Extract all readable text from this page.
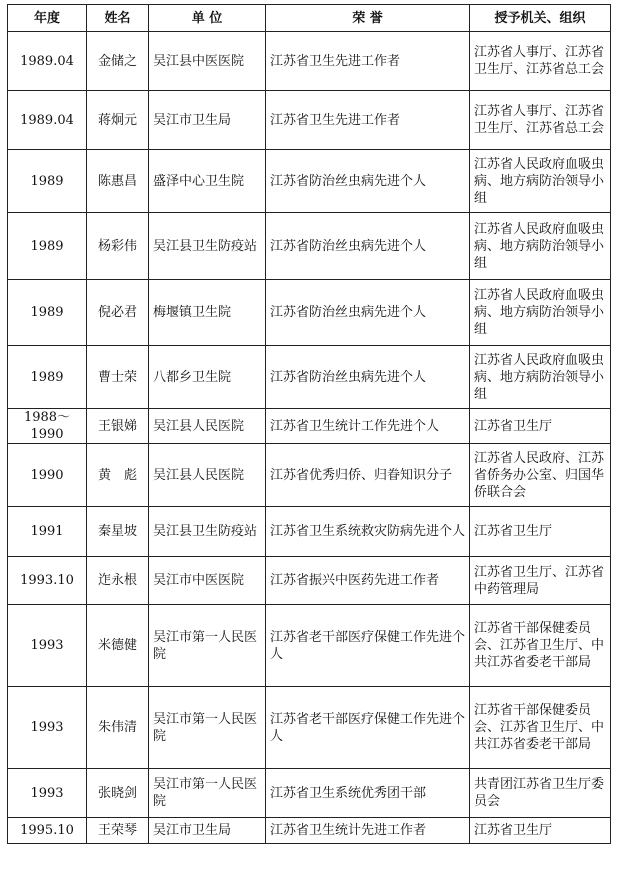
年度	姓名	单 位	荣 誉	授予机关、组织
1989.04	金储之	吴江县中医医院	江苏省卫生先进工作者	江苏省人事厅、江苏省卫生厅、江苏省总工会
1989.04	蒋炯元	吴江市卫生局	江苏省卫生先进工作者	江苏省人事厅、江苏省卫生厅、江苏省总工会
1989	陈惠昌	盛泽中心卫生院	江苏省防治丝虫病先进个人	江苏省人民政府血吸虫病、地方病防治领导小组
1989	杨彩伟	吴江县卫生防疫站	江苏省防治丝虫病先进个人	江苏省人民政府血吸虫病、地方病防治领导小组
1989	倪必君	梅堰镇卫生院	江苏省防治丝虫病先进个人	江苏省人民政府血吸虫病、地方病防治领导小组
1989	曹士荣	八都乡卫生院	江苏省防治丝虫病先进个人	江苏省人民政府血吸虫病、地方病防治领导小组
1988～1990	王银娣	吴江县人民医院	江苏省卫生统计工作先进个人	江苏省卫生厅
1990	黄　彪	吴江县人民医院	江苏省优秀归侨、归眷知识分子	江苏省人民政府、江苏省侨务办公室、归国华侨联合会
1991	秦星坡	吴江县卫生防疫站	江苏省卫生系统救灾防病先进个人	江苏省卫生厅
1993.10	迮永根	吴江市中医医院	江苏省振兴中医药先进工作者	江苏省卫生厅、江苏省中药管理局
1993	米德健	吴江市第一人民医院	江苏省老干部医疗保健工作先进个人	江苏省干部保健委员会、江苏省卫生厅、中共江苏省委老干部局
1993	朱伟清	吴江市第一人民医院	江苏省老干部医疗保健工作先进个人	江苏省干部保健委员会、江苏省卫生厅、中共江苏省委老干部局
1993	张晓剑	吴江市第一人民医院	江苏省卫生系统优秀团干部	共青团江苏省卫生厅委员会
1995.10	王荣琴	吴江市卫生局	江苏省卫生统计先进工作者	江苏省卫生厅
